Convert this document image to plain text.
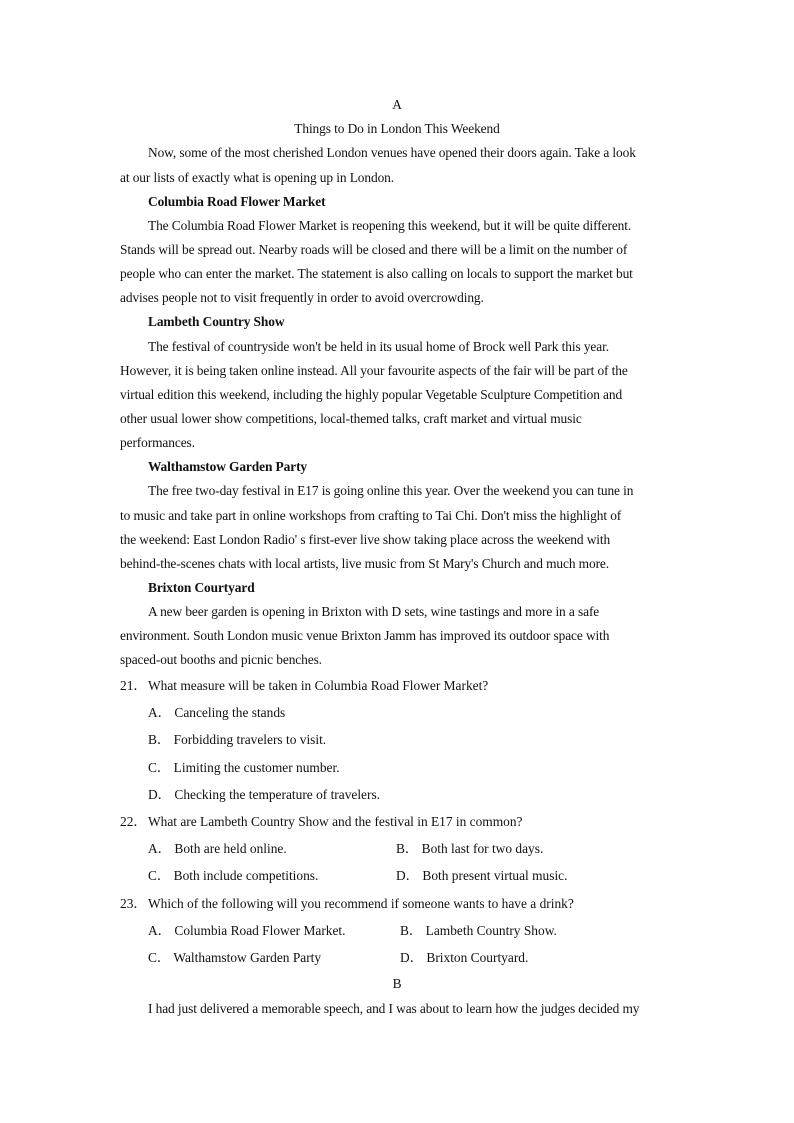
A
Things to Do in London This Weekend
Now, some of the most cherished London venues have opened their doors again. Take a look
at our lists of exactly what is opening up in London.
Columbia Road Flower Market
The Columbia Road Flower Market is reopening this weekend, but it will be quite different.
Stands will be spread out. Nearby roads will be closed and there will be a limit on the number of
people who can enter the market. The statement is also calling on locals to support the market but
advises people not to visit frequently in order to avoid overcrowding.
Lambeth Country Show
The festival of countryside won't be held in its usual home of Brock well Park this year.
However, it is being taken online instead. All your favourite aspects of the fair will be part of the
virtual edition this weekend, including the highly popular Vegetable Sculpture Competition and
other usual lower show competitions, local-themed talks, craft market and virtual music
performances.
Walthamstow Garden Party
The free two-day festival in E17 is going online this year. Over the weekend you can tune in
to music and take part in online workshops from crafting to Tai Chi. Don't miss the highlight of
the weekend: East London Radio' s first-ever live show taking place across the weekend with
behind-the-scenes chats with local artists, live music from St Mary's Church and much more.
Brixton Courtyard
A new beer garden is opening in Brixton with D sets, wine tastings and more in a safe
environment. South London music venue Brixton Jamm has improved its outdoor space with
spaced-out booths and picnic benches.
21． What measure will be taken in Columbia Road Flower Market?
A． Canceling the stands
B． Forbidding travelers to visit.
C． Limiting the customer number.
D． Checking the temperature of travelers.
22． What are Lambeth Country Show and the festival in E17 in common?
A． Both are held online.	B． Both last for two days.
C． Both include competitions.	D． Both present virtual music.
23． Which of the following will you recommend if someone wants to have a drink?
A． Columbia Road Flower Market.	B． Lambeth Country Show.
C． Walthamstow Garden Party	D． Brixton Courtyard.
B
I had just delivered a memorable speech, and I was about to learn how the judges decided my
